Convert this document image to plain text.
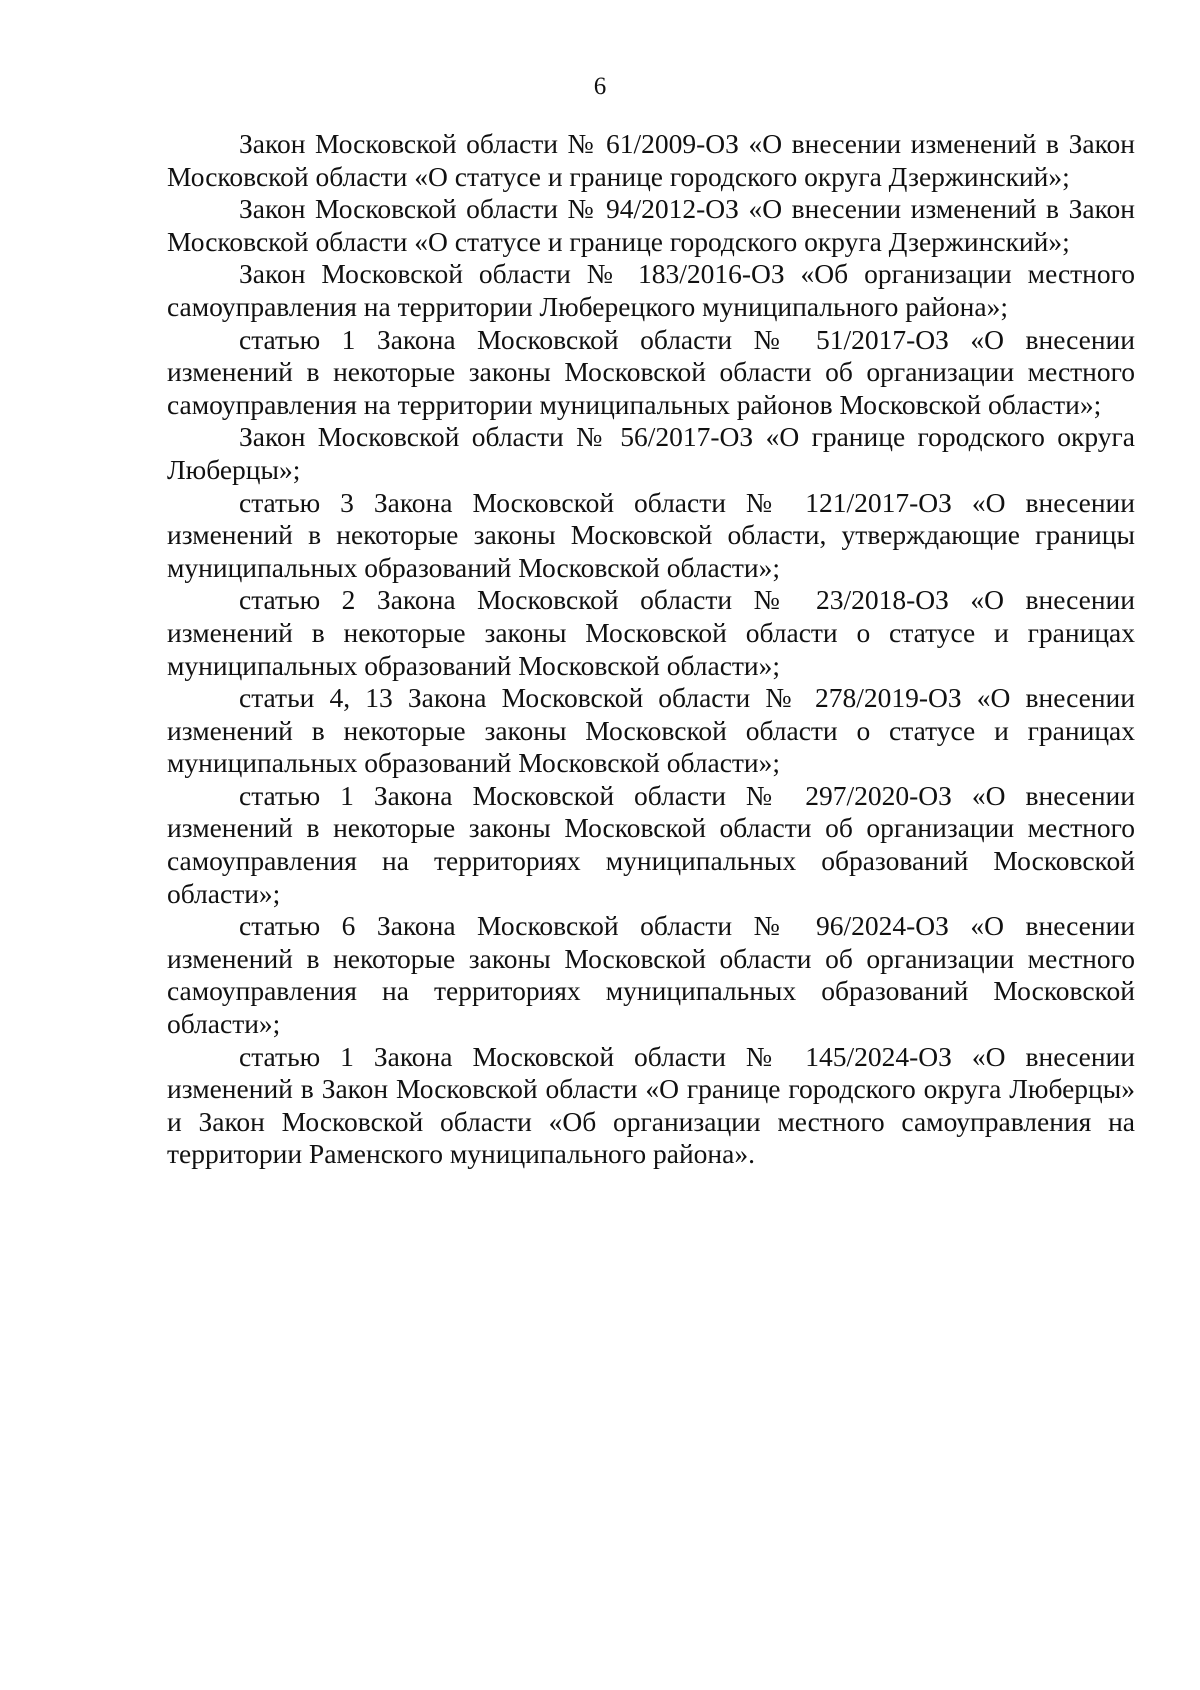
6

Закон Московской области № 61/2009-ОЗ «О внесении изменений в Закон Московской области «О статусе и границе городского округа Дзержинский»;

Закон Московской области № 94/2012-ОЗ «О внесении изменений в Закон Московской области «О статусе и границе городского округа Дзержинский»;

Закон Московской области № 183/2016-ОЗ «Об организации местного самоуправления на территории Люберецкого муниципального района»;

статью 1 Закона Московской области № 51/2017-ОЗ «О внесении изменений в некоторые законы Московской области об организации местного самоуправления на территории муниципальных районов Московской области»;

Закон Московской области № 56/2017-ОЗ «О границе городского округа Люберцы»;

статью 3 Закона Московской области № 121/2017-ОЗ «О внесении изменений в некоторые законы Московской области, утверждающие границы муниципальных образований Московской области»;

статью 2 Закона Московской области № 23/2018-ОЗ «О внесении изменений в некоторые законы Московской области о статусе и границах муниципальных образований Московской области»;

статьи 4, 13 Закона Московской области № 278/2019-ОЗ «О внесении изменений в некоторые законы Московской области о статусе и границах муниципальных образований Московской области»;

статью 1 Закона Московской области № 297/2020-ОЗ «О внесении изменений в некоторые законы Московской области об организации местного самоуправления на территориях муниципальных образований Московской области»;

статью 6 Закона Московской области № 96/2024-ОЗ «О внесении изменений в некоторые законы Московской области об организации местного самоуправления на территориях муниципальных образований Московской области»;

статью 1 Закона Московской области № 145/2024-ОЗ «О внесении изменений в Закон Московской области «О границе городского округа Люберцы» и Закон Московской области «Об организации местного самоуправления на территории Раменского муниципального района».
